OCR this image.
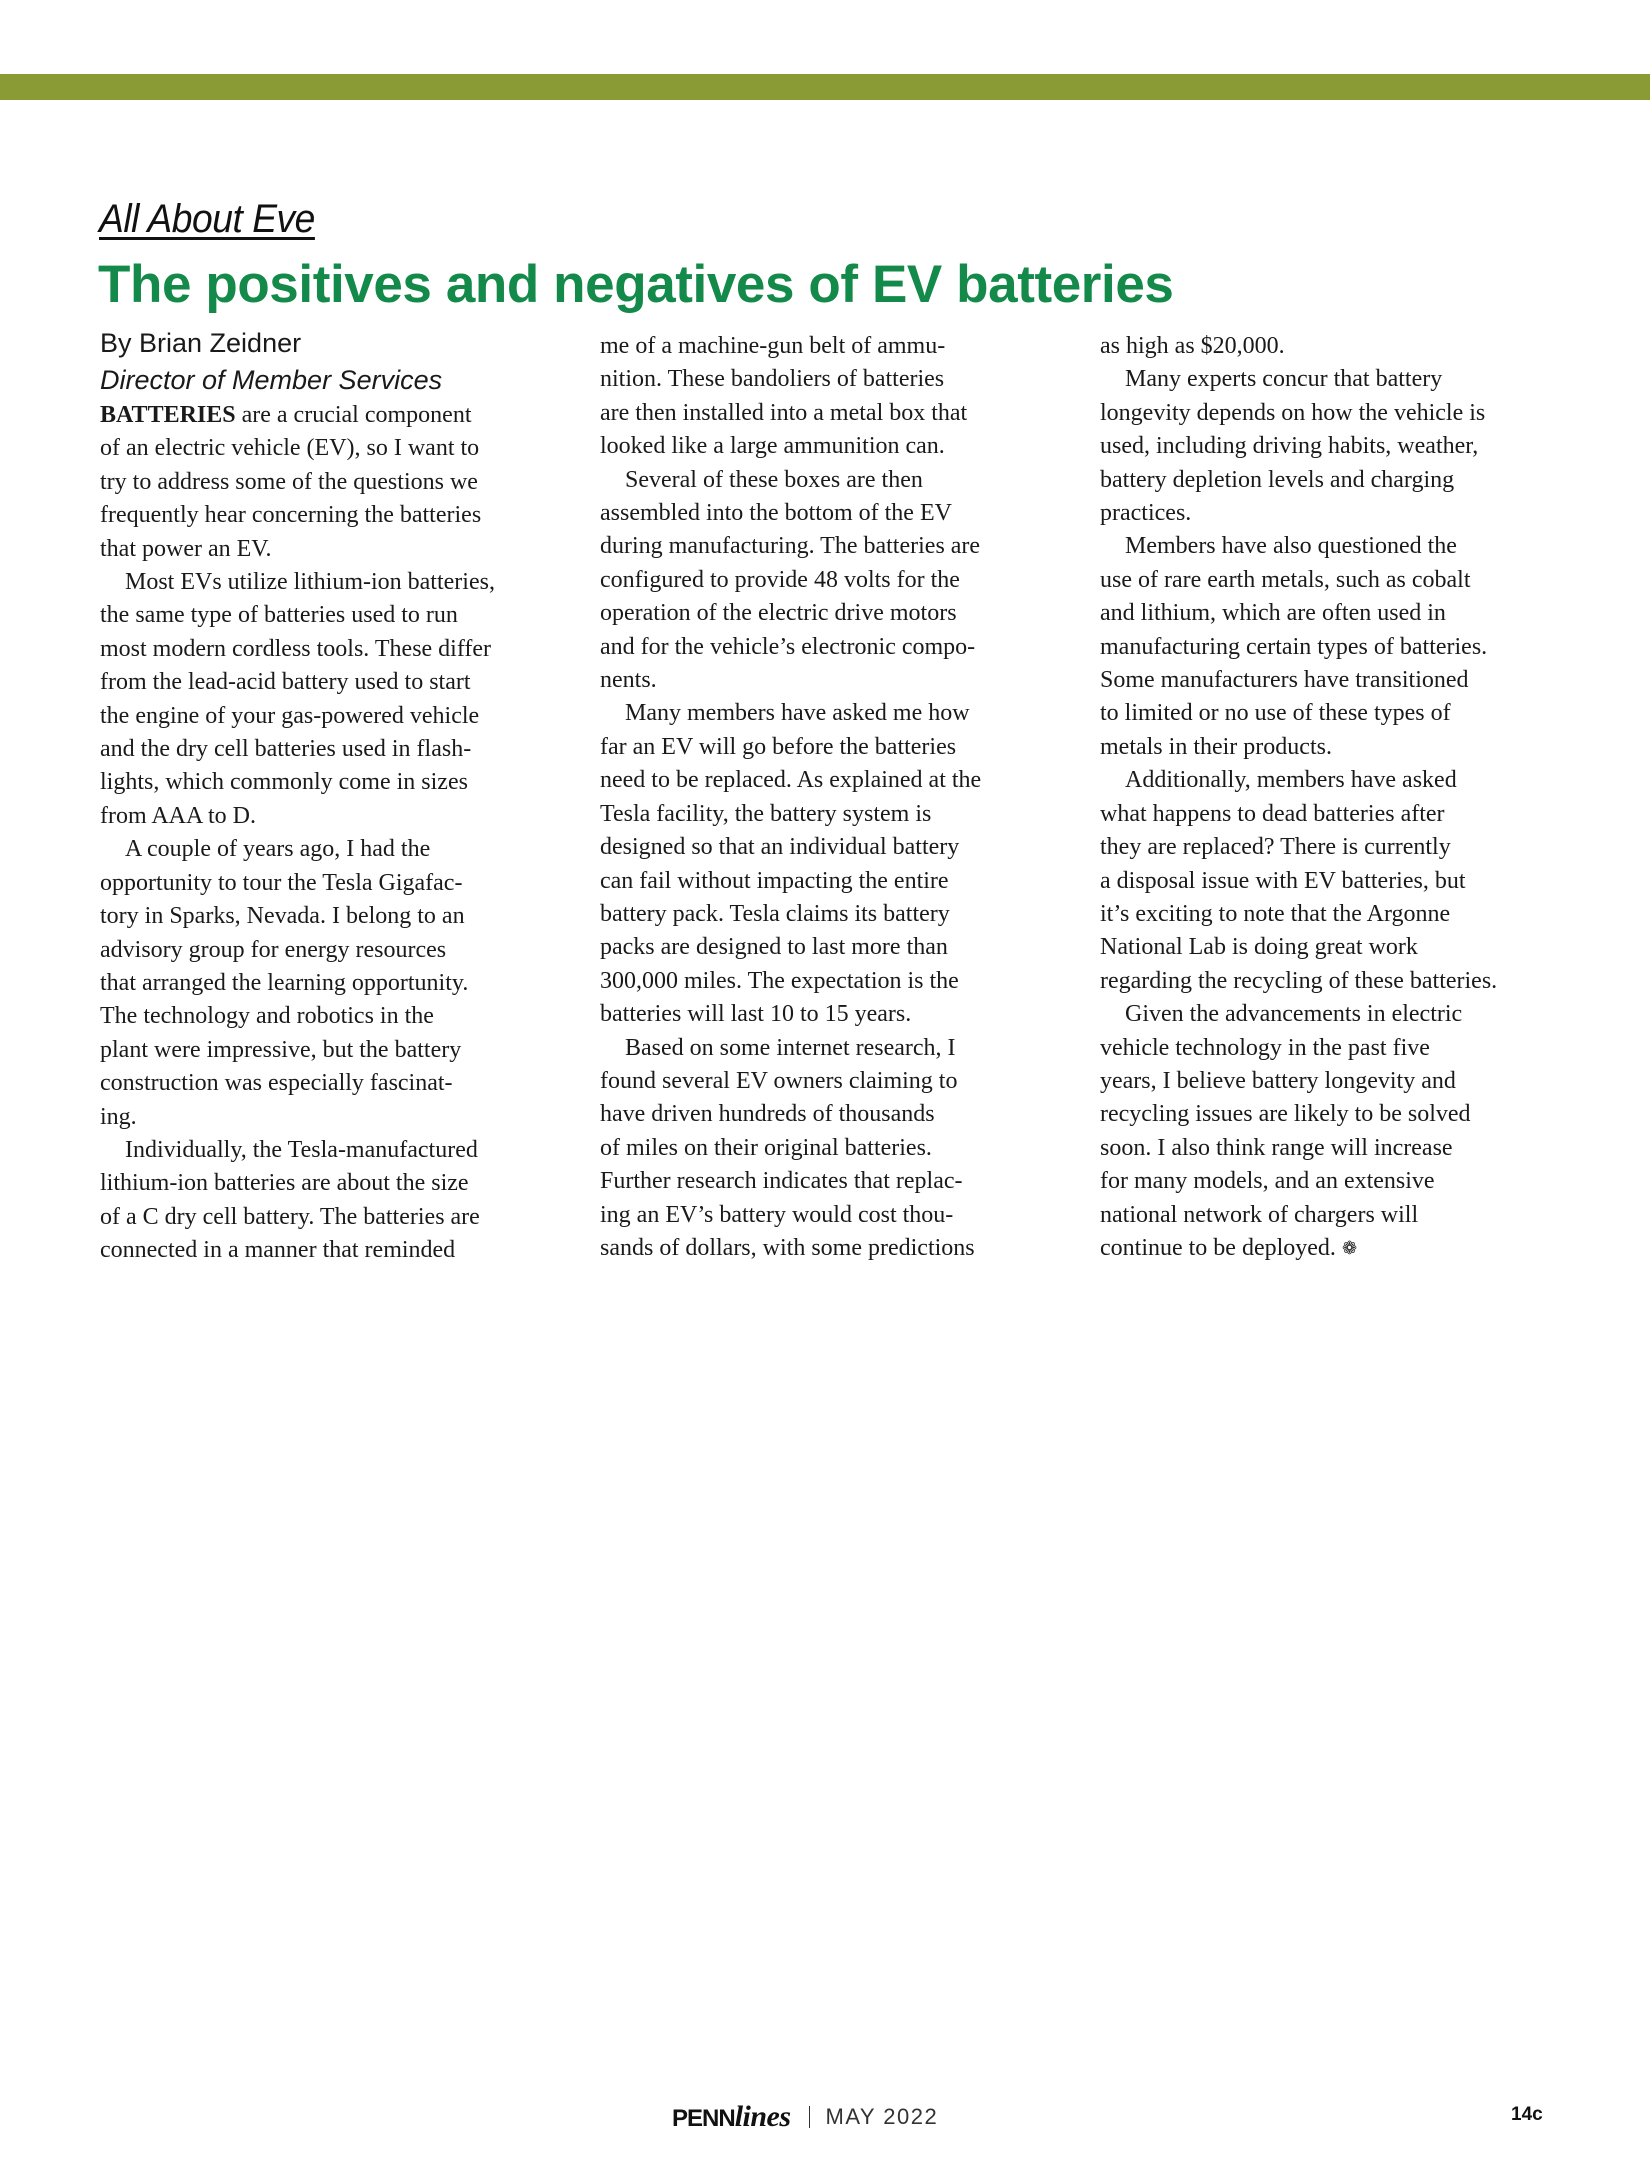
All About Eve
The positives and negatives of EV batteries

By Brian Zeidner

Director of Member Services

BATTERIES are a crucial component

of an electric vehicle (EV), so I want to

try to address some of the questions we

frequently hear concerning the batteries

that power an EV.

Most EVs utilize lithium-ion batteries,

the same type of batteries used to run

most modern cordless tools. These differ

from the lead-acid battery used to start

the engine of your gas-powered vehicle

and the dry cell batteries used in flash-

lights, which commonly come in sizes

from AAA to D.

A couple of years ago, I had the

opportunity to tour the Tesla Gigafac-

tory in Sparks, Nevada. I belong to an

advisory group for energy resources

that arranged the learning opportunity.

The technology and robotics in the

plant were impressive, but the battery

construction was especially fascinat-

ing.

Individually, the Tesla-manufactured

lithium-ion batteries are about the size

of a C dry cell battery. The batteries are

connected in a manner that reminded

me of a machine-gun belt of ammu-

nition. These bandoliers of batteries

are then installed into a metal box that

looked like a large ammunition can.

Several of these boxes are then

assembled into the bottom of the EV

during manufacturing. The batteries are

configured to provide 48 volts for the

operation of the electric drive motors

and for the vehicle’s electronic compo-

nents.

Many members have asked me how

far an EV will go before the batteries

need to be replaced. As explained at the

Tesla facility, the battery system is

designed so that an individual battery

can fail without impacting the entire

battery pack. Tesla claims its battery

packs are designed to last more than

300,000 miles. The expectation is the

batteries will last 10 to 15 years.

Based on some internet research, I

found several EV owners claiming to

have driven hundreds of thousands

of miles on their original batteries.

Further research indicates that replac-

ing an EV’s battery would cost thou-

sands of dollars, with some predictions

as high as $20,000.

Many experts concur that battery

longevity depends on how the vehicle is

used, including driving habits, weather,

battery depletion levels and charging

practices.

Members have also questioned the

use of rare earth metals, such as cobalt

and lithium, which are often used in

manufacturing certain types of batteries.

Some manufacturers have transitioned

to limited or no use of these types of

metals in their products.

Additionally, members have asked

what happens to dead batteries after

they are replaced? There is currently

a disposal issue with EV batteries, but

it’s exciting to note that the Argonne

National Lab is doing great work

regarding the recycling of these batteries.

Given the advancements in electric

vehicle technology in the past five

years, I believe battery longevity and

recycling issues are likely to be solved

soon. I also think range will increase

for many models, and an extensive

national network of chargers will

continue to be deployed. ❁

PENN lines MAY 2022	14c
